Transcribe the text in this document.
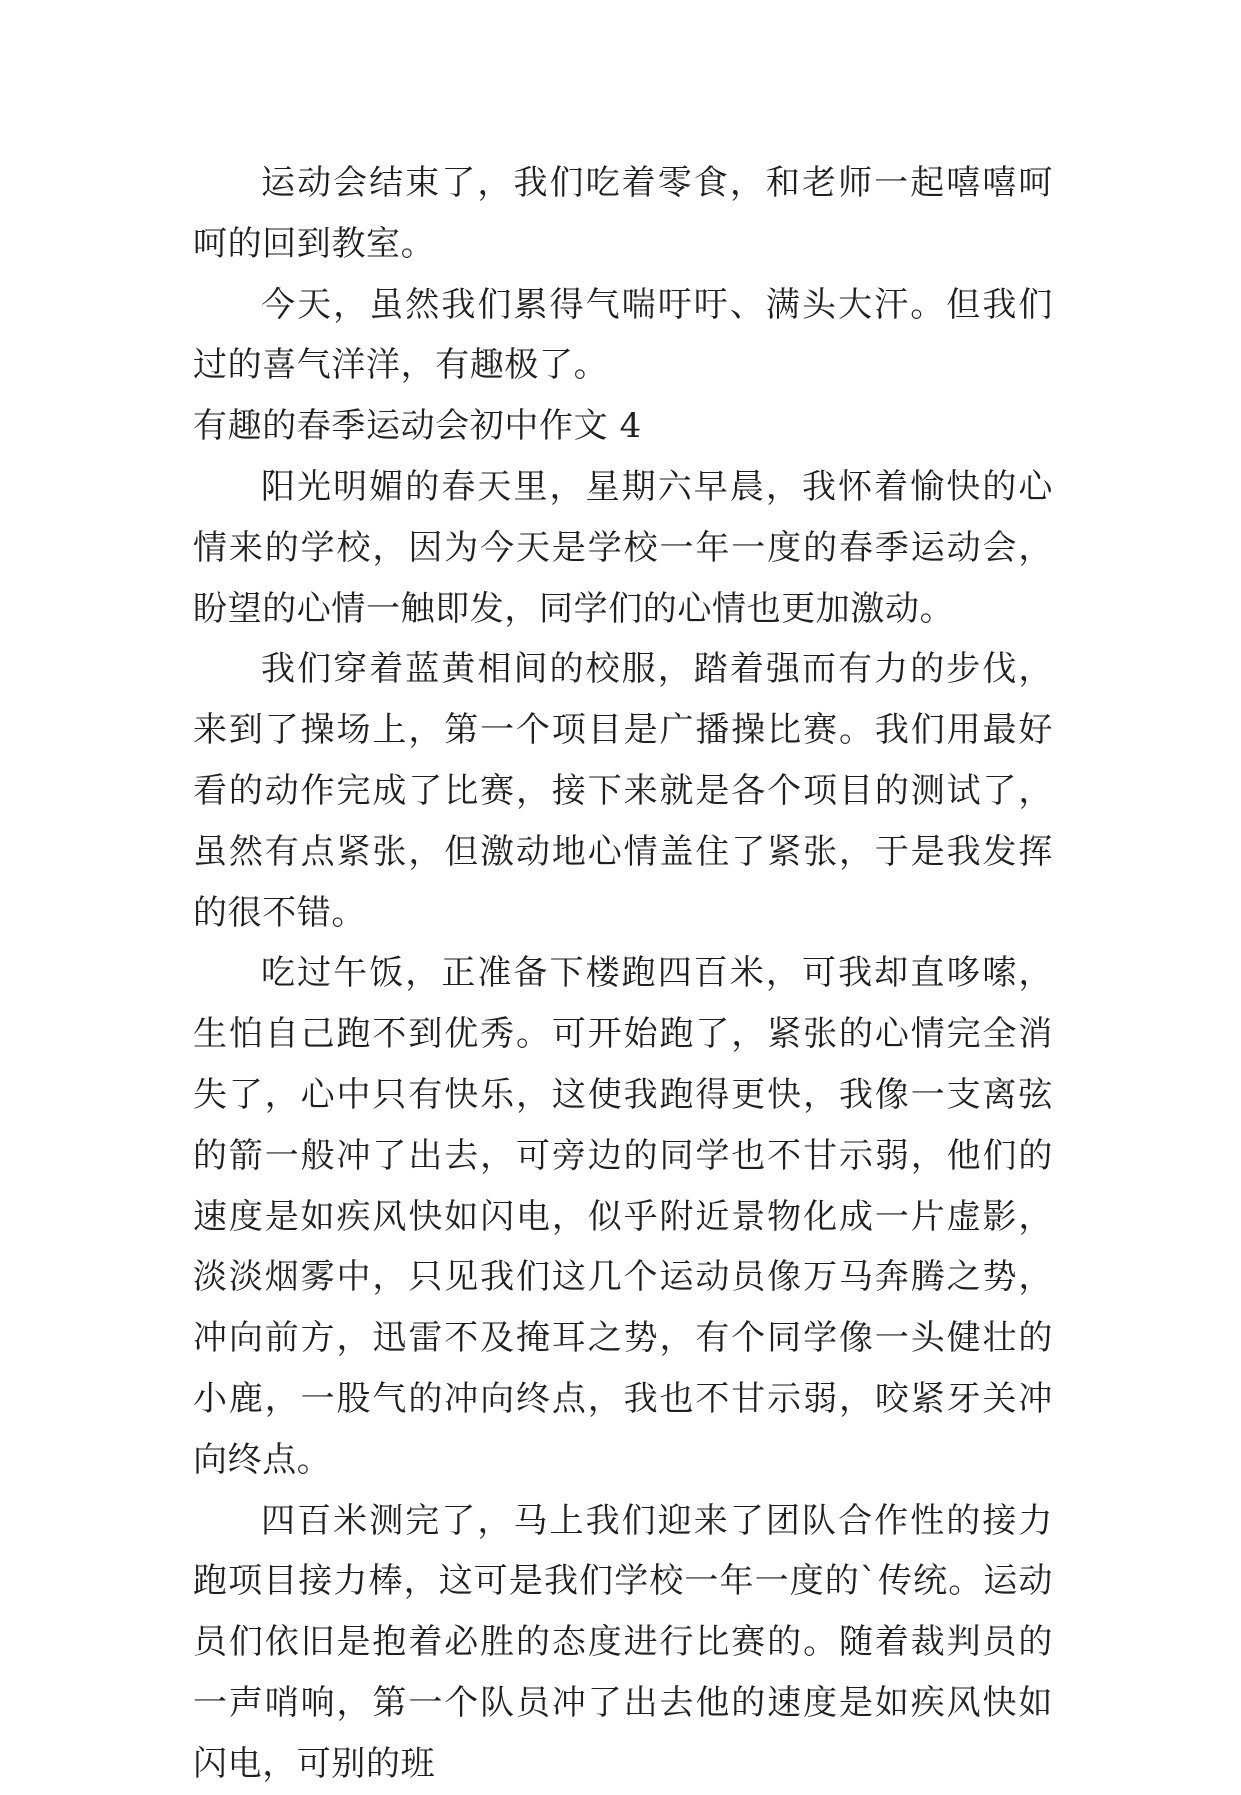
运动会结束了，我们吃着零食，和老师一起嘻嘻呵呵的回到教室。

今天，虽然我们累得气喘吁吁、满头大汗。但我们过的喜气洋洋，有趣极了。

有趣的春季运动会初中作文 4

阳光明媚的春天里，星期六早晨，我怀着愉快的心情来的学校，因为今天是学校一年一度的春季运动会，盼望的心情一触即发，同学们的心情也更加激动。

我们穿着蓝黄相间的校服，踏着强而有力的步伐，来到了操场上，第一个项目是广播操比赛。我们用最好看的动作完成了比赛，接下来就是各个项目的测试了，虽然有点紧张，但激动地心情盖住了紧张，于是我发挥的很不错。

吃过午饭，正准备下楼跑四百米，可我却直哆嗦，生怕自己跑不到优秀。可开始跑了，紧张的心情完全消失了，心中只有快乐，这使我跑得更快，我像一支离弦的箭一般冲了出去，可旁边的同学也不甘示弱，他们的速度是如疾风快如闪电，似乎附近景物化成一片虚影，淡淡烟雾中，只见我们这几个运动员像万马奔腾之势，冲向前方，迅雷不及掩耳之势，有个同学像一头健壮的小鹿，一股气的冲向终点，我也不甘示弱，咬紧牙关冲向终点。

四百米测完了，马上我们迎来了团队合作性的接力跑项目接力棒，这可是我们学校一年一度的`传统。运动员们依旧是抱着必胜的态度进行比赛的。随着裁判员的一声哨响，第一个队员冲了出去他的速度是如疾风快如闪电，可别的班
